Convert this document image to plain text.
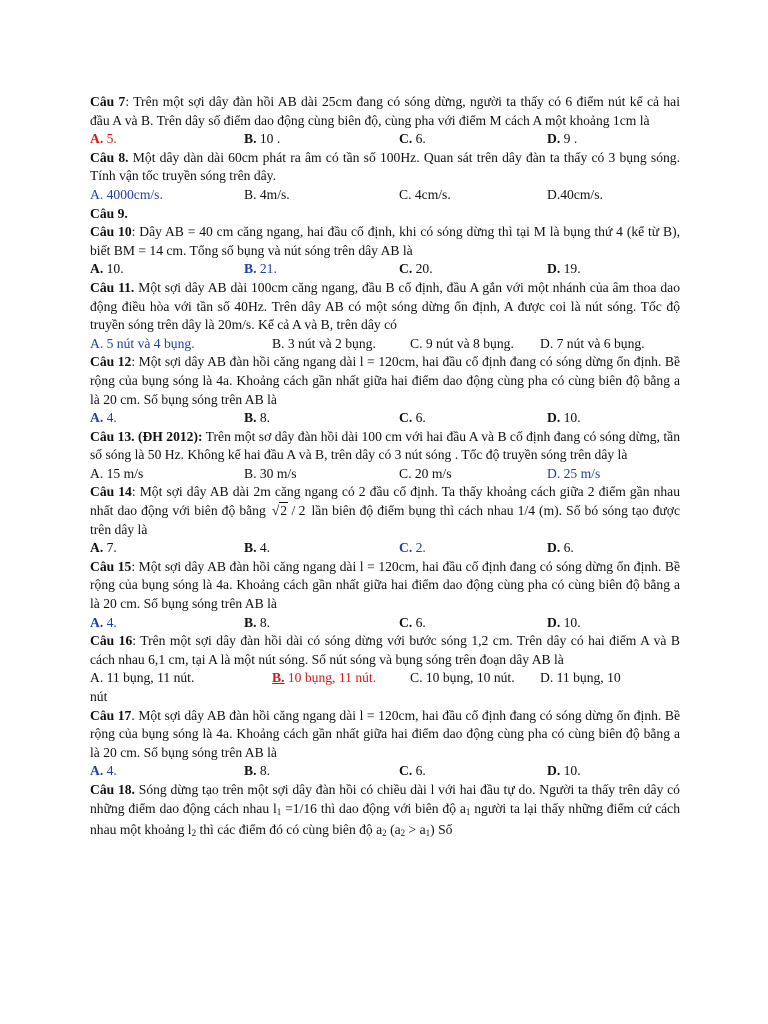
Câu 7: Trên một sợi dây đàn hồi AB dài 25cm đang có sóng dừng, người ta thấy có 6 điểm nút kể cả hai đầu A và B. Trên dây số điểm dao động cùng biên độ, cùng pha với điểm M cách A một khoảng 1cm là

A. 5.	B. 10 .	C. 6.	D. 9 .

Câu 8. Một dây dàn dài 60cm phát ra âm có tần số 100Hz. Quan sát trên dây đàn ta thấy có 3 bụng sóng. Tính vận tốc truyền sóng trên dây.

A. 4000cm/s.	B. 4m/s.	C. 4cm/s.	D.40cm/s.

Câu 9.

Câu 10: Dây AB = 40 cm căng ngang, hai đầu cố định, khi có sóng dừng thì tại M là bụng thứ 4 (kể từ B), biết BM = 14 cm. Tổng số bụng và nút sóng trên dây AB là

A. 10.	B. 21.	C. 20.	D. 19.

Câu 11. Một sợi dây AB dài 100cm căng ngang, đầu B cố định, đầu A gắn với một nhánh của âm thoa dao động điều hòa với tần số 40Hz. Trên dây AB có một sóng dừng ổn định, A được coi là nút sóng. Tốc độ truyền sóng trên dây là 20m/s. Kể cả A và B, trên dây có

A. 5 nút và 4 bụng.	B. 3 nút và 2 bụng.	C. 9 nút và 8 bụng. D. 7 nút và 6 bụng.

Câu 12: Một sợi dây AB đàn hồi căng ngang dài l = 120cm, hai đầu cố định đang có sóng dừng ổn định. Bề rộng của bụng sóng là 4a. Khoảng cách gần nhất giữa hai điểm dao động cùng pha có cùng biên độ bằng a là 20 cm. Số bụng sóng trên AB là

A. 4.	B. 8.	C. 6.	D. 10.

Câu 13. (ĐH 2012): Trên một sơ dây đàn hồi dài 100 cm với hai đầu A và B cố định đang có sóng dừng, tần số sóng là 50 Hz. Không kể hai đầu A và B, trên dây có 3 nút sóng . Tốc độ truyền sóng trên dây là

A. 15 m/s	B. 30 m/s	C. 20 m/s	D. 25 m/s

Câu 14: Một sợi dây AB dài 2m căng ngang có 2 đầu cố định. Ta thấy khoảng cách giữa 2 điểm gần nhau nhất dao động với biên độ bằng √2 / 2 lần biên độ điểm bụng thì cách nhau 1/4 (m). Số bó sóng tạo được trên dây là

A. 7.	B. 4.	C. 2.	D. 6.

Câu 15: Một sợi dây AB đàn hồi căng ngang dài l = 120cm, hai đầu cố định đang có sóng dừng ổn định. Bề rộng của bụng sóng là 4a. Khoảng cách gần nhất giữa hai điểm dao động cùng pha có cùng biên độ bằng a là 20 cm. Số bụng sóng trên AB là

A. 4.	B. 8.	C. 6.	D. 10.

Câu 16: Trên một sợi dây đàn hồi dài có sóng dừng với bước sóng 1,2 cm. Trên dây có hai điểm A và B cách nhau 6,1 cm, tại A là một nút sóng. Số nút sóng và bụng sóng trên đoạn dây AB là

A. 11 bụng, 11 nút.	B. 10 bụng, 11 nút. C. 10 bụng, 10 nút. D. 11 bụng, 10
nút

Câu 17. Một sợi dây AB đàn hồi căng ngang dài l = 120cm, hai đầu cố định đang có sóng dừng ổn định. Bề rộng của bụng sóng là 4a. Khoảng cách gần nhất giữa hai điểm dao động cùng pha có cùng biên độ bằng a là 20 cm. Số bụng sóng trên AB là

A. 4.	B. 8.	C. 6.	D. 10.

Câu 18. Sóng dừng tạo trên một sợi dây đàn hồi có chiều dài l với hai đầu tự do. Người ta thấy trên dây có những điểm dao động cách nhau $l_1 =1/16$ thì dao động với biên độ $a_1$ người ta lại thấy những điểm cứ cách nhau một khoảng $l_2$ thì các điểm đó có cùng biên độ $a_2$ $(a_2 > a_1)$ Số
